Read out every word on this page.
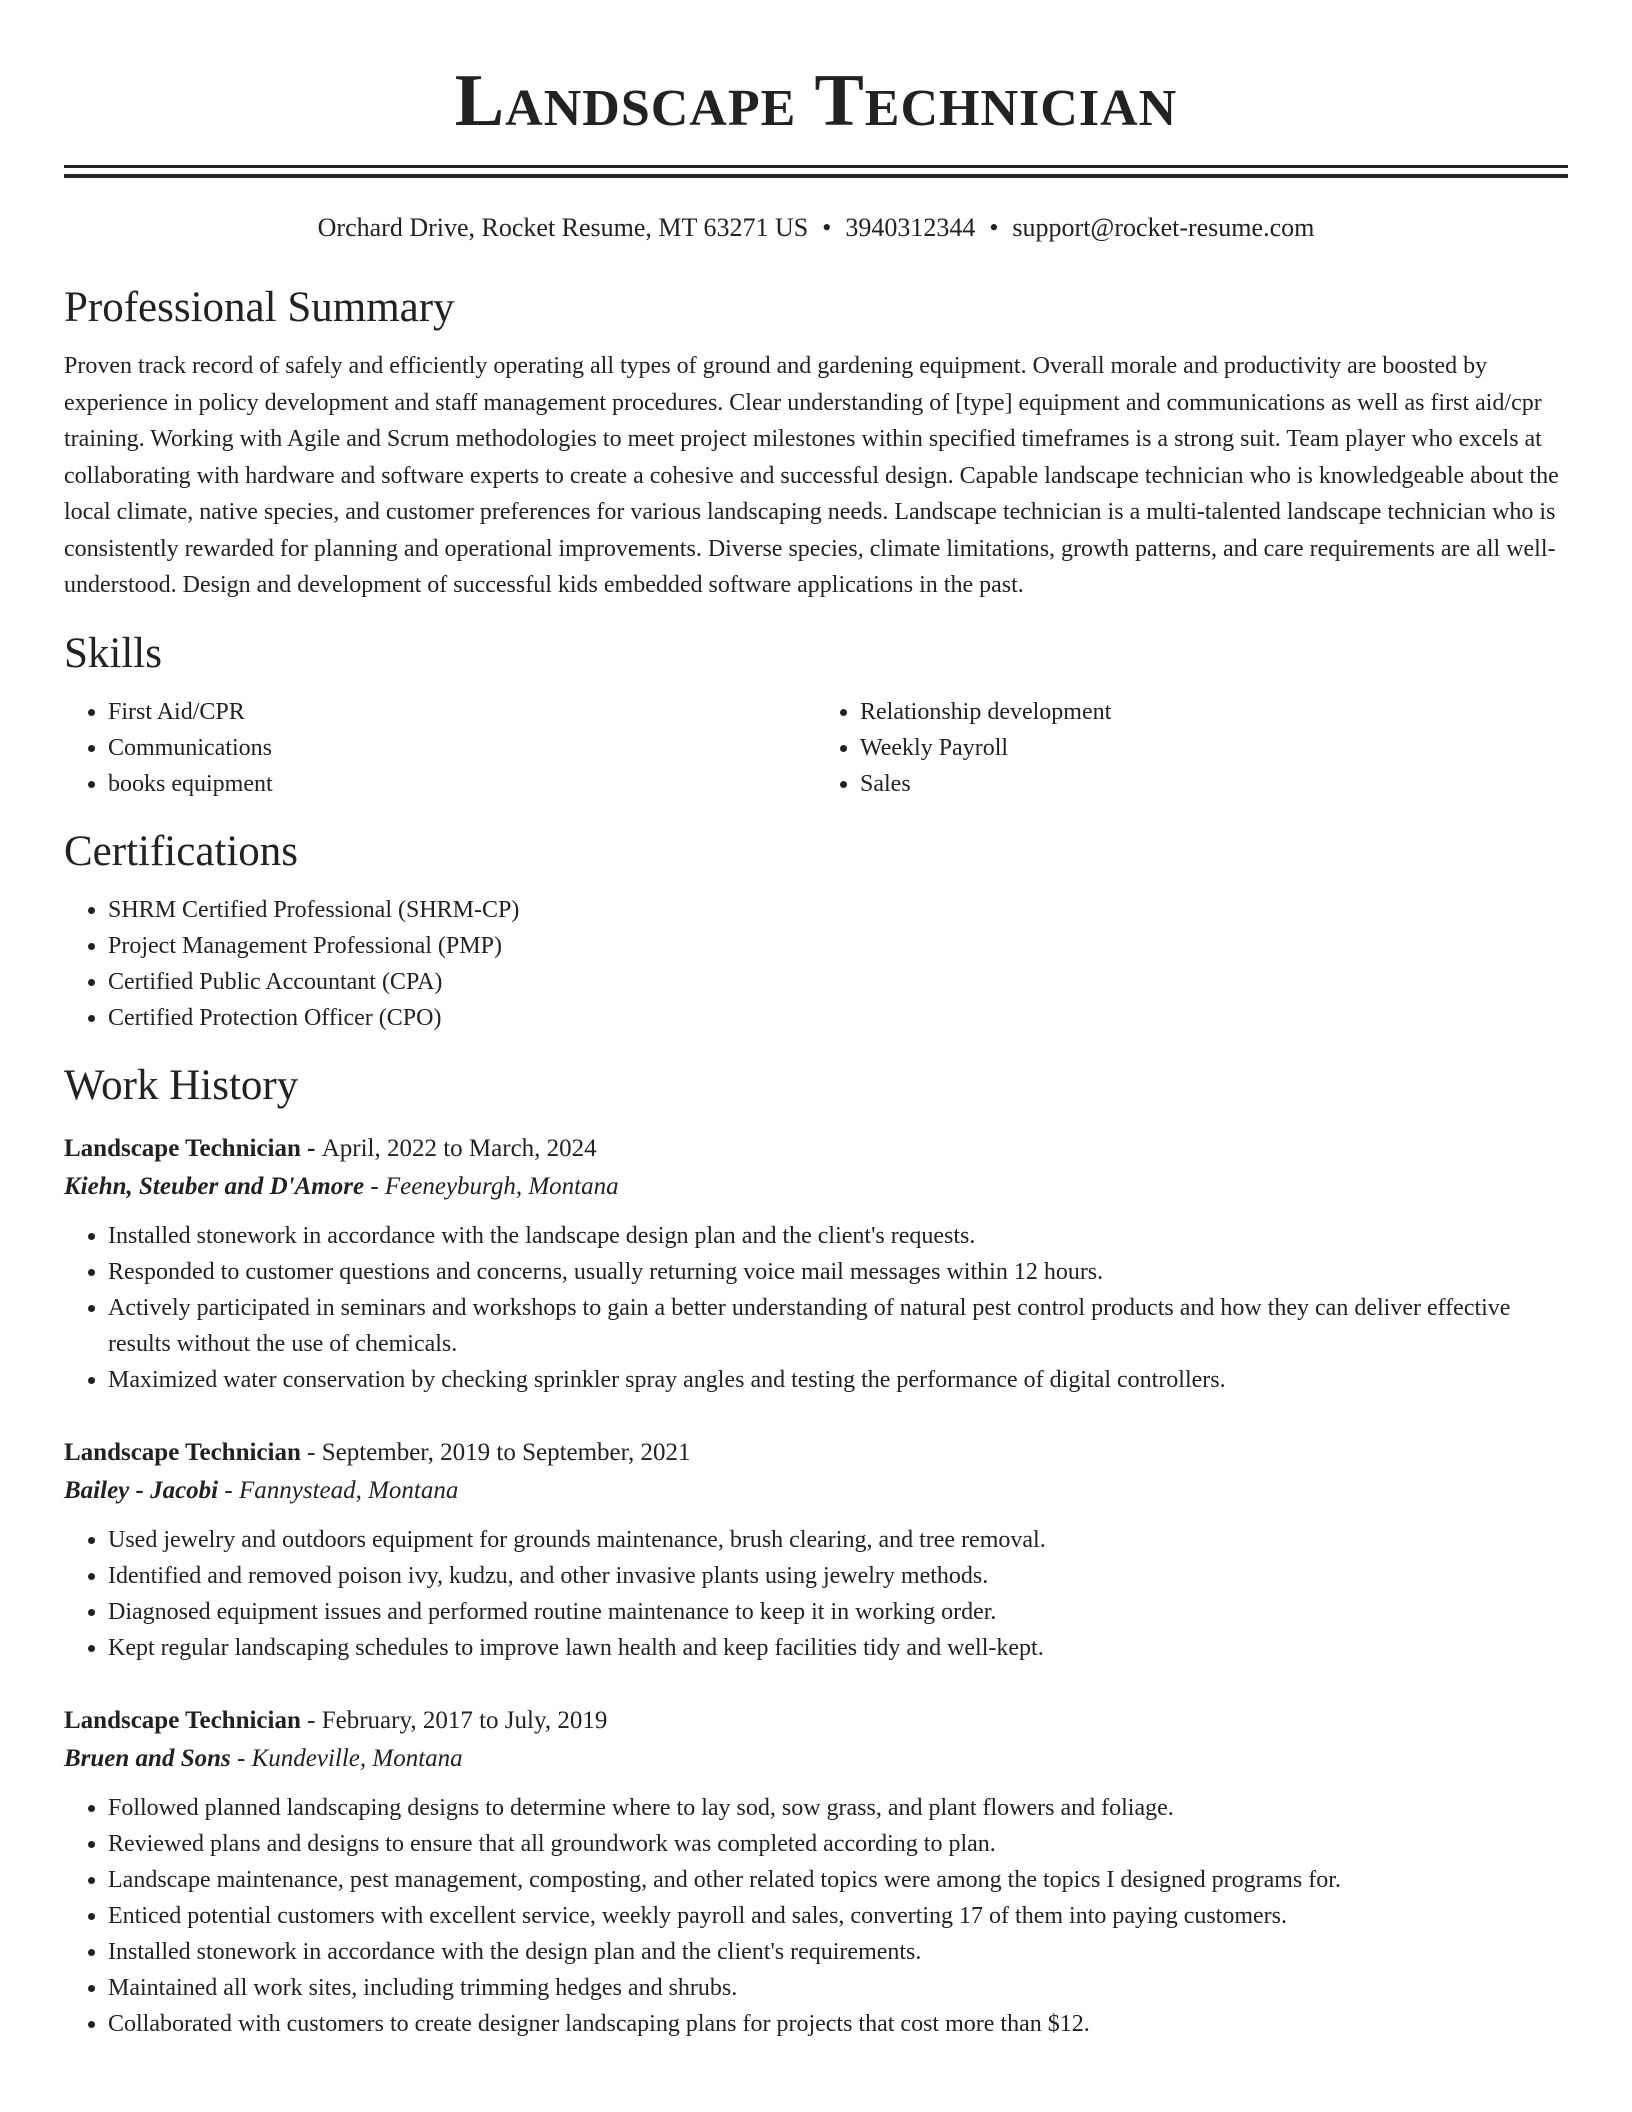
Landscape Technician
Orchard Drive, Rocket Resume, MT 63271 US • 3940312344 • support@rocket-resume.com
Professional Summary

Proven track record of safely and efficiently operating all types of ground and gardening equipment. Overall morale and productivity are boosted by experience in policy development and staff management procedures. Clear understanding of [type] equipment and communications as well as first aid/cpr training. Working with Agile and Scrum methodologies to meet project milestones within specified timeframes is a strong suit. Team player who excels at collaborating with hardware and software experts to create a cohesive and successful design. Capable landscape technician who is knowledgeable about the local climate, native species, and customer preferences for various landscaping needs. Landscape technician is a multi-talented landscape technician who is consistently rewarded for planning and operational improvements. Diverse species, climate limitations, growth patterns, and care requirements are all well-understood. Design and development of successful kids embedded software applications in the past.

Skills
• First Aid/CPR
• Communications
• books equipment
• Relationship development
• Weekly Payroll
• Sales
Certifications
• SHRM Certified Professional (SHRM-CP)
• Project Management Professional (PMP)
• Certified Public Accountant (CPA)
• Certified Protection Officer (CPO)
Work History
Landscape Technician - April, 2022 to March, 2024
Kiehn, Steuber and D'Amore - Feeneyburgh, Montana
• Installed stonework in accordance with the landscape design plan and the client's requests.
• Responded to customer questions and concerns, usually returning voice mail messages within 12 hours.
• Actively participated in seminars and workshops to gain a better understanding of natural pest control products and how they can deliver effective results without the use of chemicals.
• Maximized water conservation by checking sprinkler spray angles and testing the performance of digital controllers.
Landscape Technician - September, 2019 to September, 2021
Bailey - Jacobi - Fannystead, Montana
• Used jewelry and outdoors equipment for grounds maintenance, brush clearing, and tree removal.
• Identified and removed poison ivy, kudzu, and other invasive plants using jewelry methods.
• Diagnosed equipment issues and performed routine maintenance to keep it in working order.
• Kept regular landscaping schedules to improve lawn health and keep facilities tidy and well-kept.
Landscape Technician - February, 2017 to July, 2019
Bruen and Sons - Kundeville, Montana
• Followed planned landscaping designs to determine where to lay sod, sow grass, and plant flowers and foliage.
• Reviewed plans and designs to ensure that all groundwork was completed according to plan.
• Landscape maintenance, pest management, composting, and other related topics were among the topics I designed programs for.
• Enticed potential customers with excellent service, weekly payroll and sales, converting 17 of them into paying customers.
• Installed stonework in accordance with the design plan and the client's requirements.
• Maintained all work sites, including trimming hedges and shrubs.
• Collaborated with customers to create designer landscaping plans for projects that cost more than $12.
